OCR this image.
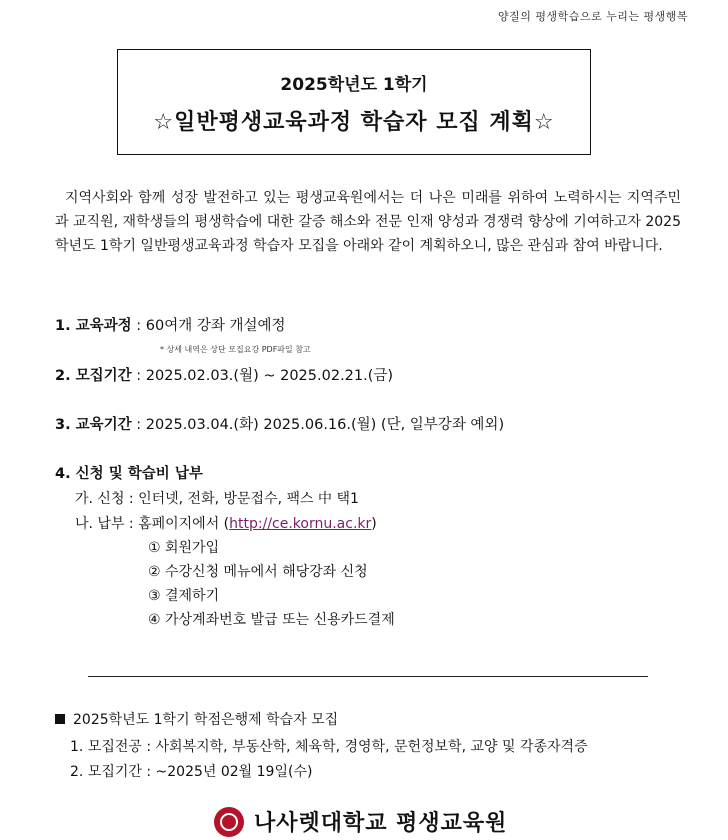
양질의 평생학습으로 누리는 평생행복
2025학년도 1학기
☆일반평생교육과정 학습자 모집 계획☆
지역사회와 함께 성장 발전하고 있는 평생교육원에서는 더 나은 미래를 위하여 노력하시는 지역주민과 교직원, 재학생들의 평생학습에 대한 갈증 해소와 전문 인재 양성과 경쟁력 향상에 기여하고자 2025학년도 1학기 일반평생교육과정 학습자 모집을 아래와 같이 계획하오니, 많은 관심과 참여 바랍니다.
1. 교육과정 : 60여개 강좌 개설예정
* 상세 내역은 상단 모집요강 PDF파일 참고
2. 모집기간 : 2025.02.03.(월) ~ 2025.02.21.(금)
3. 교육기간 : 2025.03.04.(화) 2025.06.16.(월) (단, 일부강좌 예외)
4. 신청 및 학습비 납부
가. 신청 : 인터넷, 전화, 방문접수, 팩스 中 택1
나. 납부 : 홈페이지에서 (http://ce.kornu.ac.kr)
① 회원가입
② 수강신청 메뉴에서 해당강좌 신청
③ 결제하기
④ 가상계좌번호 발급 또는 신용카드결제
2025학년도 1학기 학점은행제 학습자 모집
1. 모집전공 : 사회복지학, 부동산학, 체육학, 경영학, 문헌정보학, 교양 및 각종자격증
2. 모집기간 : ~2025년 02월 19일(수)
나사렛대학교 평생교육원
